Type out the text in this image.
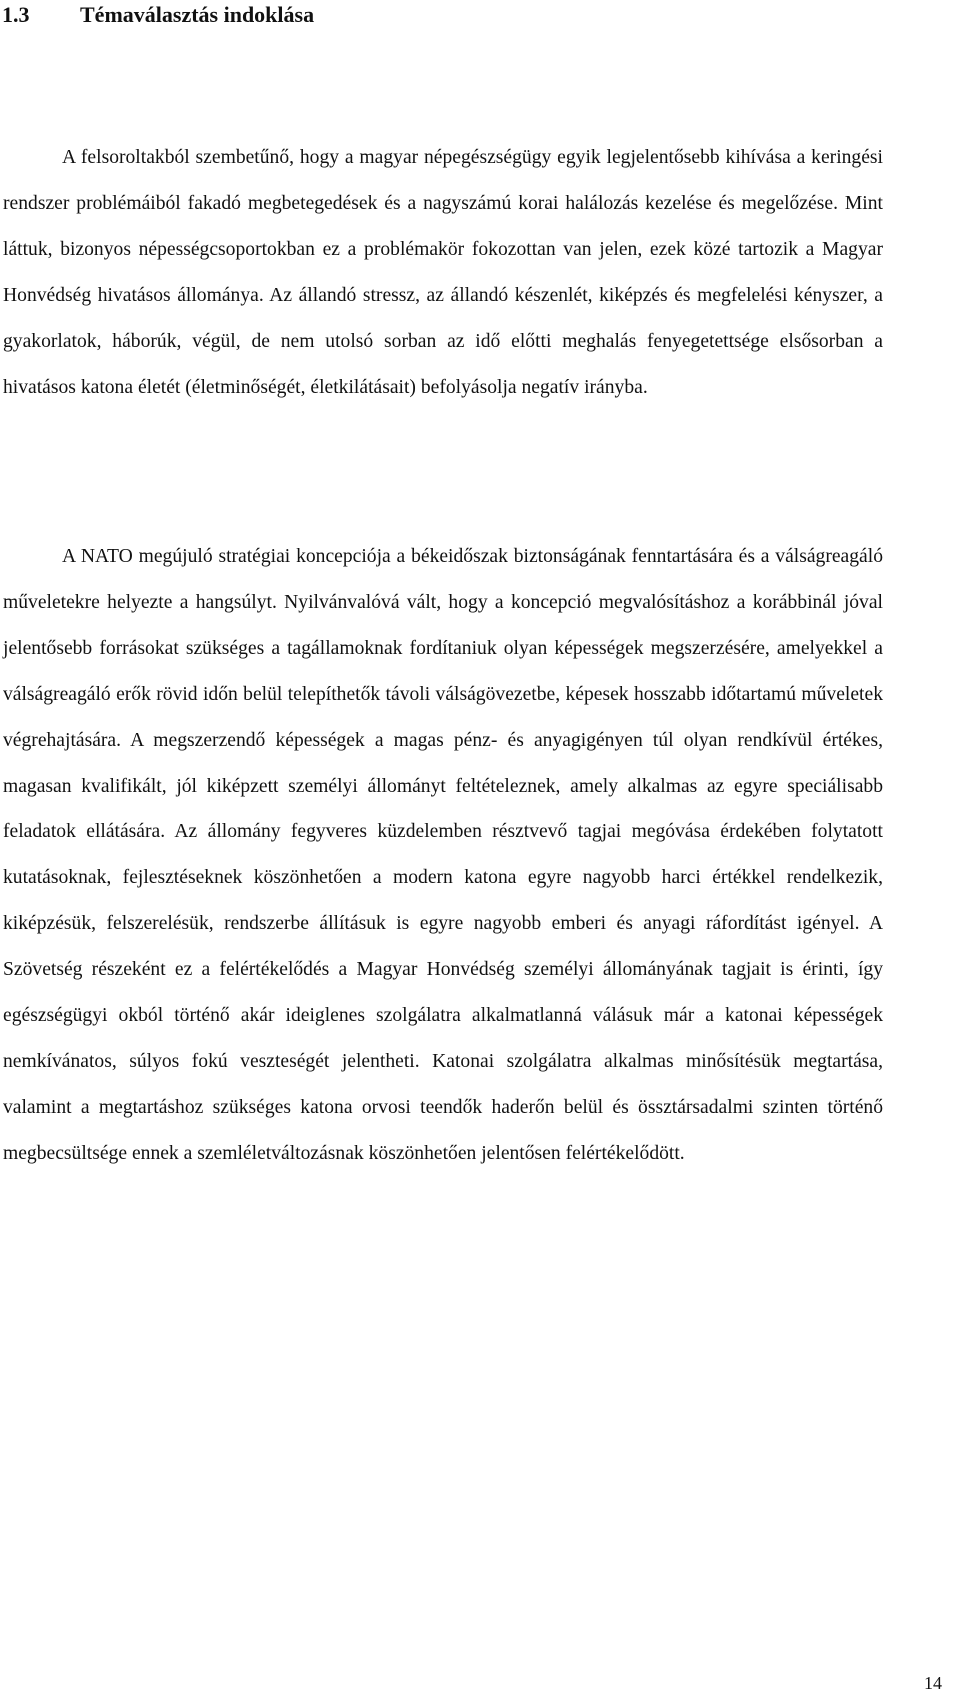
1.3 Témaválasztás indoklása

A felsoroltakból szembetűnő, hogy a magyar népegészségügy egyik legjelentősebb kihívása a keringési rendszer problémáiból fakadó megbetegedések és a nagyszámú korai halálozás kezelése és megelőzése. Mint láttuk, bizonyos népességcsoportokban ez a problémakör fokozottan van jelen, ezek közé tartozik a Magyar Honvédség hivatásos állománya. Az állandó stressz, az állandó készenlét, kiképzés és megfelelési kényszer, a gyakorlatok, háborúk, végül, de nem utolsó sorban az idő előtti meghalás fenyegetettsége elsősorban a hivatásos katona életét (életminőségét, életkilátásait) befolyásolja negatív irányba.

A NATO megújuló stratégiai koncepciója a békeidőszak biztonságának fenntartására és a válságreagáló műveletekre helyezte a hangsúlyt. Nyilvánvalóvá vált, hogy a koncepció megvalósításhoz a korábbinál jóval jelentősebb forrásokat szükséges a tagállamoknak fordítaniuk olyan képességek megszerzésére, amelyekkel a válságreagáló erők rövid időn belül telepíthetők távoli válságövezetbe, képesek hosszabb időtartamú műveletek végrehajtására. A megszerzendő képességek a magas pénz- és anyagigényen túl olyan rendkívül értékes, magasan kvalifikált, jól kiképzett személyi állományt feltételeznek, amely alkalmas az egyre speciálisabb feladatok ellátására. Az állomány fegyveres küzdelemben résztvevő tagjai megóvása érdekében folytatott kutatásoknak, fejlesztéseknek köszönhetően a modern katona egyre nagyobb harci értékkel rendelkezik, kiképzésük, felszerelésük, rendszerbe állításuk is egyre nagyobb emberi és anyagi ráfordítást igényel. A Szövetség részeként ez a felértékelődés a Magyar Honvédség személyi állományának tagjait is érinti, így egészségügyi okból történő akár ideiglenes szolgálatra alkalmatlanná válásuk már a katonai képességek nemkívánatos, súlyos fokú veszteségét jelentheti. Katonai szolgálatra alkalmas minősítésük megtartása, valamint a megtartáshoz szükséges katona orvosi teendők haderőn belül és össztársadalmi szinten történő megbecsültsége ennek a szemléletváltozásnak köszönhetően jelentősen felértékelődött.

14
